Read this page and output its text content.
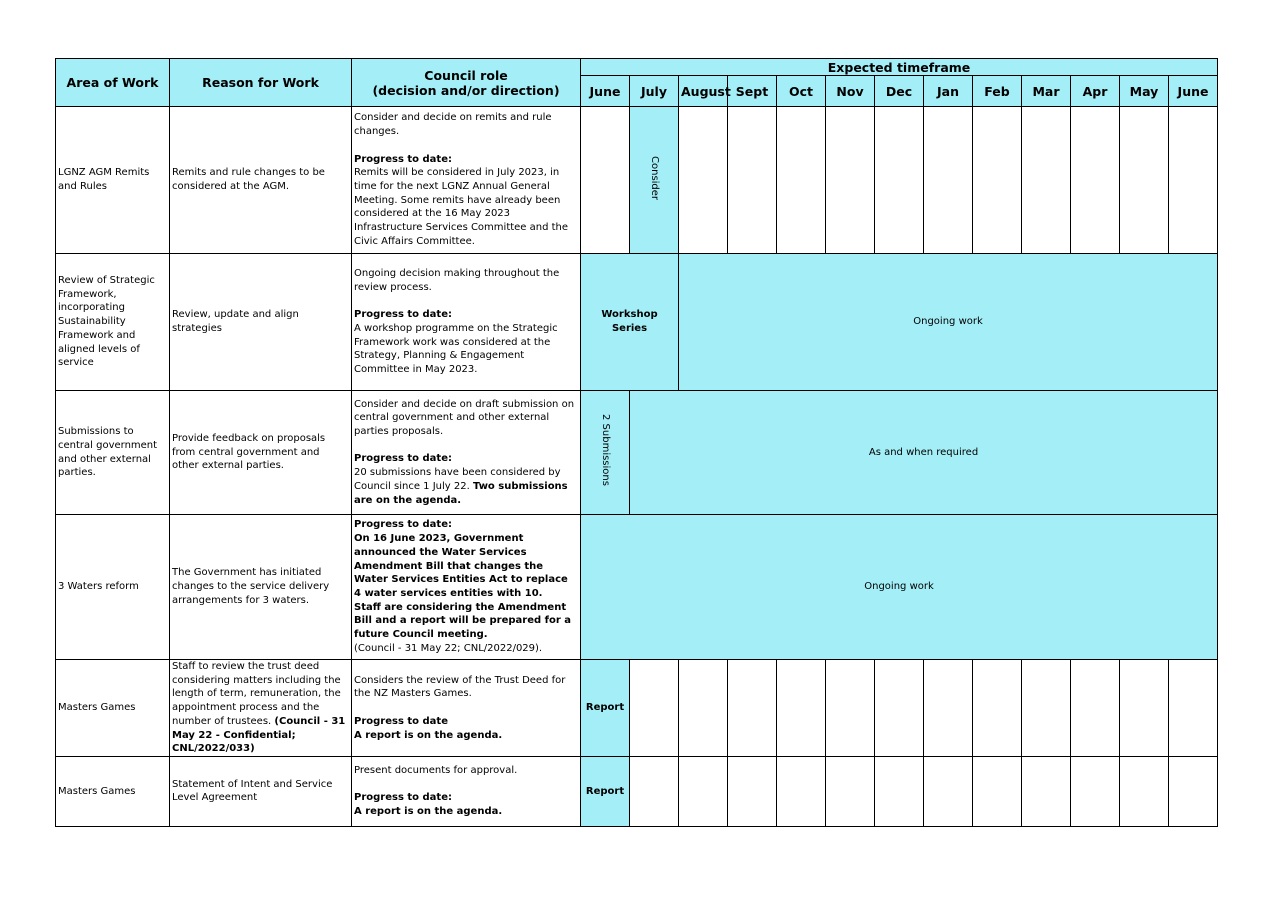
Area of Work	Reason for Work	Council role
(decision and/or direction)	Expected timeframe												
			June	July	August	Sept	Oct	Nov	Dec	Jan	Feb	Mar	Apr	May	June
LGNZ AGM Remits and Rules	Remits and rule changes to be considered at the AGM.	Consider and decide on remits and rule changes.

Progress to date:

Remits will be considered in July 2023, in time for the next LGNZ Annual General Meeting. Some remits have already been considered at the 16 May 2023 Infrastructure Services Committee and the Civic Affairs Committee.		Consider											
Review of Strategic Framework, incorporating Sustainability Framework and aligned levels of service	Review, update and align strategies	Ongoing decision making throughout the review process.

Progress to date:

A workshop programme on the Strategic Framework work was considered at the Strategy, Planning & Engagement Committee in May 2023.	Workshop Series		Ongoing work										
Submissions to central government and other external parties.	Provide feedback on proposals from central government and other external parties.	Consider and decide on draft submission on central government and other external parties proposals.

Progress to date:

20 submissions have been considered by Council since 1 July 22. Two submissions are on the agenda.	2 Submissions	As and when required											
3 Waters reform	The Government has initiated changes to the service delivery arrangements for 3 waters.	Progress to date:

On 16 June 2023, Government announced the Water Services Amendment Bill that changes the Water Services Entities Act to replace 4 water services entities with 10.

Staff are considering the Amendment Bill and a report will be prepared for a future Council meeting.

(Council - 31 May 22; CNL/2022/029).	Ongoing work												
Masters Games	Staff to review the trust deed considering matters including the length of term, remuneration, the appointment process and the number of trustees. (Council - 31 May 22 - Confidential; CNL/2022/033)	Considers the review of the Trust Deed for the NZ Masters Games.

Progress to date

A report is on the agenda.	Report												
Masters Games	Statement of Intent and Service Level Agreement	Present documents for approval.

Progress to date:

A report is on the agenda.	Report												
